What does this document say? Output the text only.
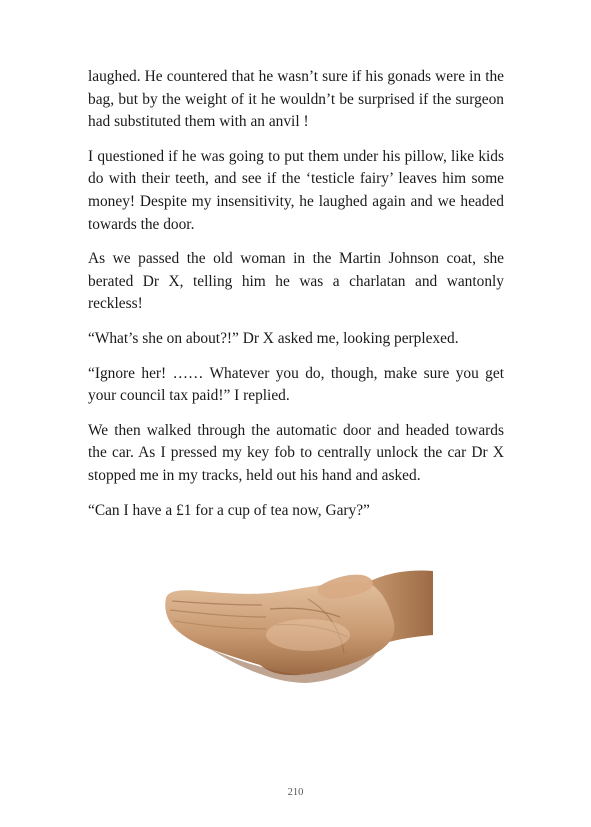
laughed. He countered that he wasn’t sure if his gonads were in the bag, but by the weight of it he wouldn’t be surprised if the surgeon had substituted them with an anvil !

I questioned if he was going to put them under his pillow, like kids do with their teeth, and see if the ‘testicle fairy’ leaves him some money! Despite my insensitivity, he laughed again and we headed towards the door.

As we passed the old woman in the Martin Johnson coat, she berated Dr X, telling him he was a charlatan and wantonly reckless!

“What’s she on about?!” Dr X asked me, looking perplexed.

“Ignore her! …… Whatever you do, though, make sure you get your council tax paid!” I replied.

We then walked through the automatic door and headed towards the car. As I pressed my key fob to centrally unlock the car Dr X stopped me in my tracks, held out his hand and asked.

“Can I have a £1 for a cup of tea now, Gary?”

210
